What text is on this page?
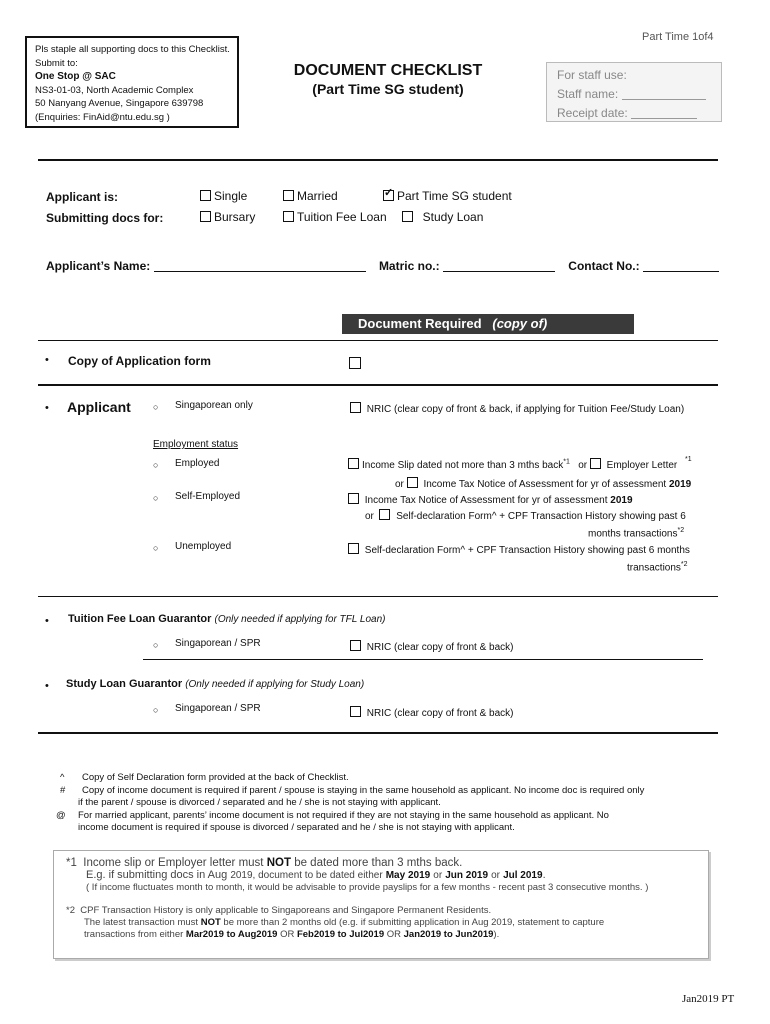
Part Time 1of4
Pls staple all supporting docs to this Checklist.
Submit to:
One Stop @ SAC
NS3-01-03, North Academic Complex
50 Nanyang Avenue, Singapore 639798
(Enquiries: FinAid@ntu.edu.sg )
DOCUMENT CHECKLIST
(Part Time SG student)
For staff use:
Staff name:
Receipt date:
Applicant is:	Single	Married
✓	Part Time SG student
Submitting docs for:	Bursary	Tuition Fee Loan	Study Loan
Applicant’s Name:	Matric no.:	Contact No.:
Document Required (copy of)
• Copy of Application form
• Applicant ○ Singaporean only	NRIC (clear copy of front & back, if applying for Tuition Fee/Study Loan)
Employment status
○ Employed	Income Slip dated not more than 3 mths back$^{*1}$ or Employer Letter
*1
or Income Tax Notice of Assessment for yr of assessment 2019
○ Self-Employed	Income Tax Notice of Assessment for yr of assessment 2019
or Self-declaration Form^ + CPF Transaction History showing past 6
months transactions$^{*2}$
○ Unemployed	Self-declaration Form^ + CPF Transaction History showing past 6 months
transactions$^{*2}$
• Tuition Fee Loan Guarantor (Only needed if applying for TFL Loan)
○ Singaporean / SPR	NRIC (clear copy of front & back)
• Study Loan Guarantor (Only needed if applying for Study Loan)
○ Singaporean / SPR	NRIC (clear copy of front & back)
^	Copy of Self Declaration form provided at the back of Checklist.
#	Copy of income document is required if parent / spouse is staying in the same household as applicant. No income doc is required only
if the parent / spouse is divorced / separated and he / she is not staying with applicant.
@	For married applicant, parents’ income document is not required if they are not staying in the same household as applicant. No
income document is required if spouse is divorced / separated and he / she is not staying with applicant.
*1 Income slip or Employer letter must NOT be dated more than 3 mths back.
E.g. if submitting docs in Aug 2019, document to be dated either May 2019 or Jun 2019 or Jul 2019.
( If income fluctuates month to month, it would be advisable to provide payslips for a few months - recent past 3 consecutive months. )
*2 CPF Transaction History is only applicable to Singaporeans and Singapore Permanent Residents.
The latest transaction must NOT be more than 2 months old (e.g. if submitting application in Aug 2019, statement to capture
transactions from either Mar2019 to Aug2019 OR Feb2019 to Jul2019 OR Jan2019 to Jun2019).
Jan2019 PT
